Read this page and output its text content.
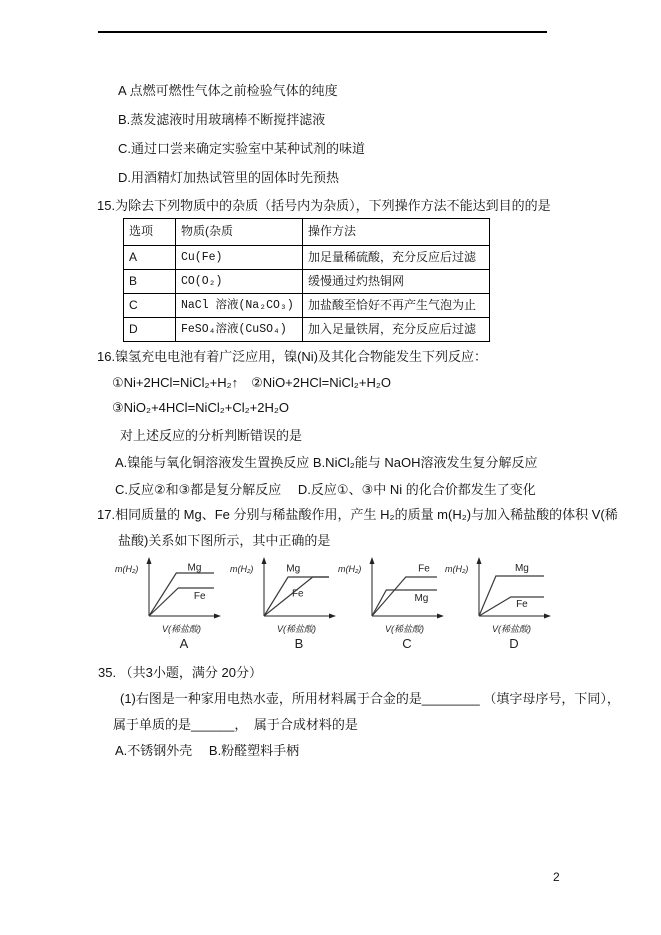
A 点燃可燃性气体之前检验气体的纯度
B.蒸发滤液时用玻璃棒不断搅拌滤液
C.通过口尝来确定实验室中某种试剂的味道
D.用酒精灯加热试管里的固体时先预热
15.为除去下列物质中的杂质（括号内为杂质），下列操作方法不能达到目的的是
选项	物质(杂质	操作方法
A	Cu(Fe)	加足量稀硫酸，充分反应后过滤
B	CO(O₂)	缓慢通过灼热铜网
C	NaCl 溶液(Na₂CO₃)	加盐酸至恰好不再产生气泡为止
D	FeSO₄溶液(CuSO₄)	加入足量铁屑，充分反应后过滤
16.镍氢充电电池有着广泛应用，镍(Ni)及其化合物能发生下列反应：
①Ni+2HCl=NiCl₂+H₂↑　②NiO+2HCl=NiCl₂+H₂O
③NiO₂+4HCl=NiCl₂+Cl₂+2H₂O
对上述反应的分析判断错误的是
A.镍能与氧化铜溶液发生置换反应 B.NiCl₂能与 NaOH溶液发生复分解反应
C.反应②和③都是复分解反应　 D.反应①、③中 Ni 的化合价都发生了变化
17.相同质量的 Mg、Fe 分别与稀盐酸作用，产生 H₂的质量 m(H₂)与加入稀盐酸的体积 V(稀
盐酸)关系如下图所示，其中正确的是
m(H₂)
V(稀盐酸)
A
Mg
Fe
m(H₂)
V(稀盐酸)
B
Mg
Fe
m(H₂)
V(稀盐酸)
C
Fe
Mg
m(H₂)
V(稀盐酸)
D
Mg
Fe
35. （共3小题，满分 20分）
(1)右图是一种家用电热水壶，所用材料属于合金的是________ （填字母序号，下同），
属于单质的是______，　属于合成材料的是
A.不锈钢外壳　 B.粉醛塑料手柄
2
